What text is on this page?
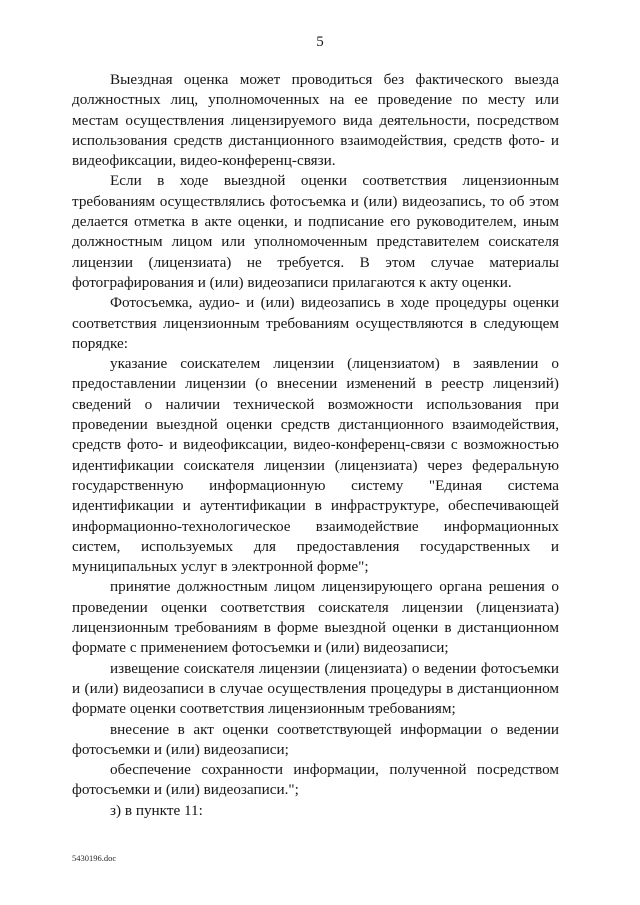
5

Выездная оценка может проводиться без фактического выезда должностных лиц, уполномоченных на ее проведение по месту или местам осуществления лицензируемого вида деятельности, посредством использования средств дистанционного взаимодействия, средств фото- и видеофиксации, видео-конференц-связи.

Если в ходе выездной оценки соответствия лицензионным требованиям осуществлялись фотосъемка и (или) видеозапись, то об этом делается отметка в акте оценки, и подписание его руководителем, иным должностным лицом или уполномоченным представителем соискателя лицензии (лицензиата) не требуется. В этом случае материалы фотографирования и (или) видеозаписи прилагаются к акту оценки.

Фотосъемка, аудио- и (или) видеозапись в ходе процедуры оценки соответствия лицензионным требованиям осуществляются в следующем порядке:

указание соискателем лицензии (лицензиатом) в заявлении о предоставлении лицензии (о внесении изменений в реестр лицензий) сведений о наличии технической возможности использования при проведении выездной оценки средств дистанционного взаимодействия, средств фото- и видеофиксации, видео-конференц-связи с возможностью идентификации соискателя лицензии (лицензиата) через федеральную государственную информационную систему "Единая система идентификации и аутентификации в инфраструктуре, обеспечивающей информационно-технологическое взаимодействие информационных систем, используемых для предоставления государственных и муниципальных услуг в электронной форме";

принятие должностным лицом лицензирующего органа решения о проведении оценки соответствия соискателя лицензии (лицензиата) лицензионным требованиям в форме выездной оценки в дистанционном формате с применением фотосъемки и (или) видеозаписи;

извещение соискателя лицензии (лицензиата) о ведении фотосъемки и (или) видеозаписи в случае осуществления процедуры в дистанционном формате оценки соответствия лицензионным требованиям;

внесение в акт оценки соответствующей информации о ведении фотосъемки и (или) видеозаписи;

обеспечение сохранности информации, полученной посредством фотосъемки и (или) видеозаписи.";

з) в пункте 11:

5430196.doc
